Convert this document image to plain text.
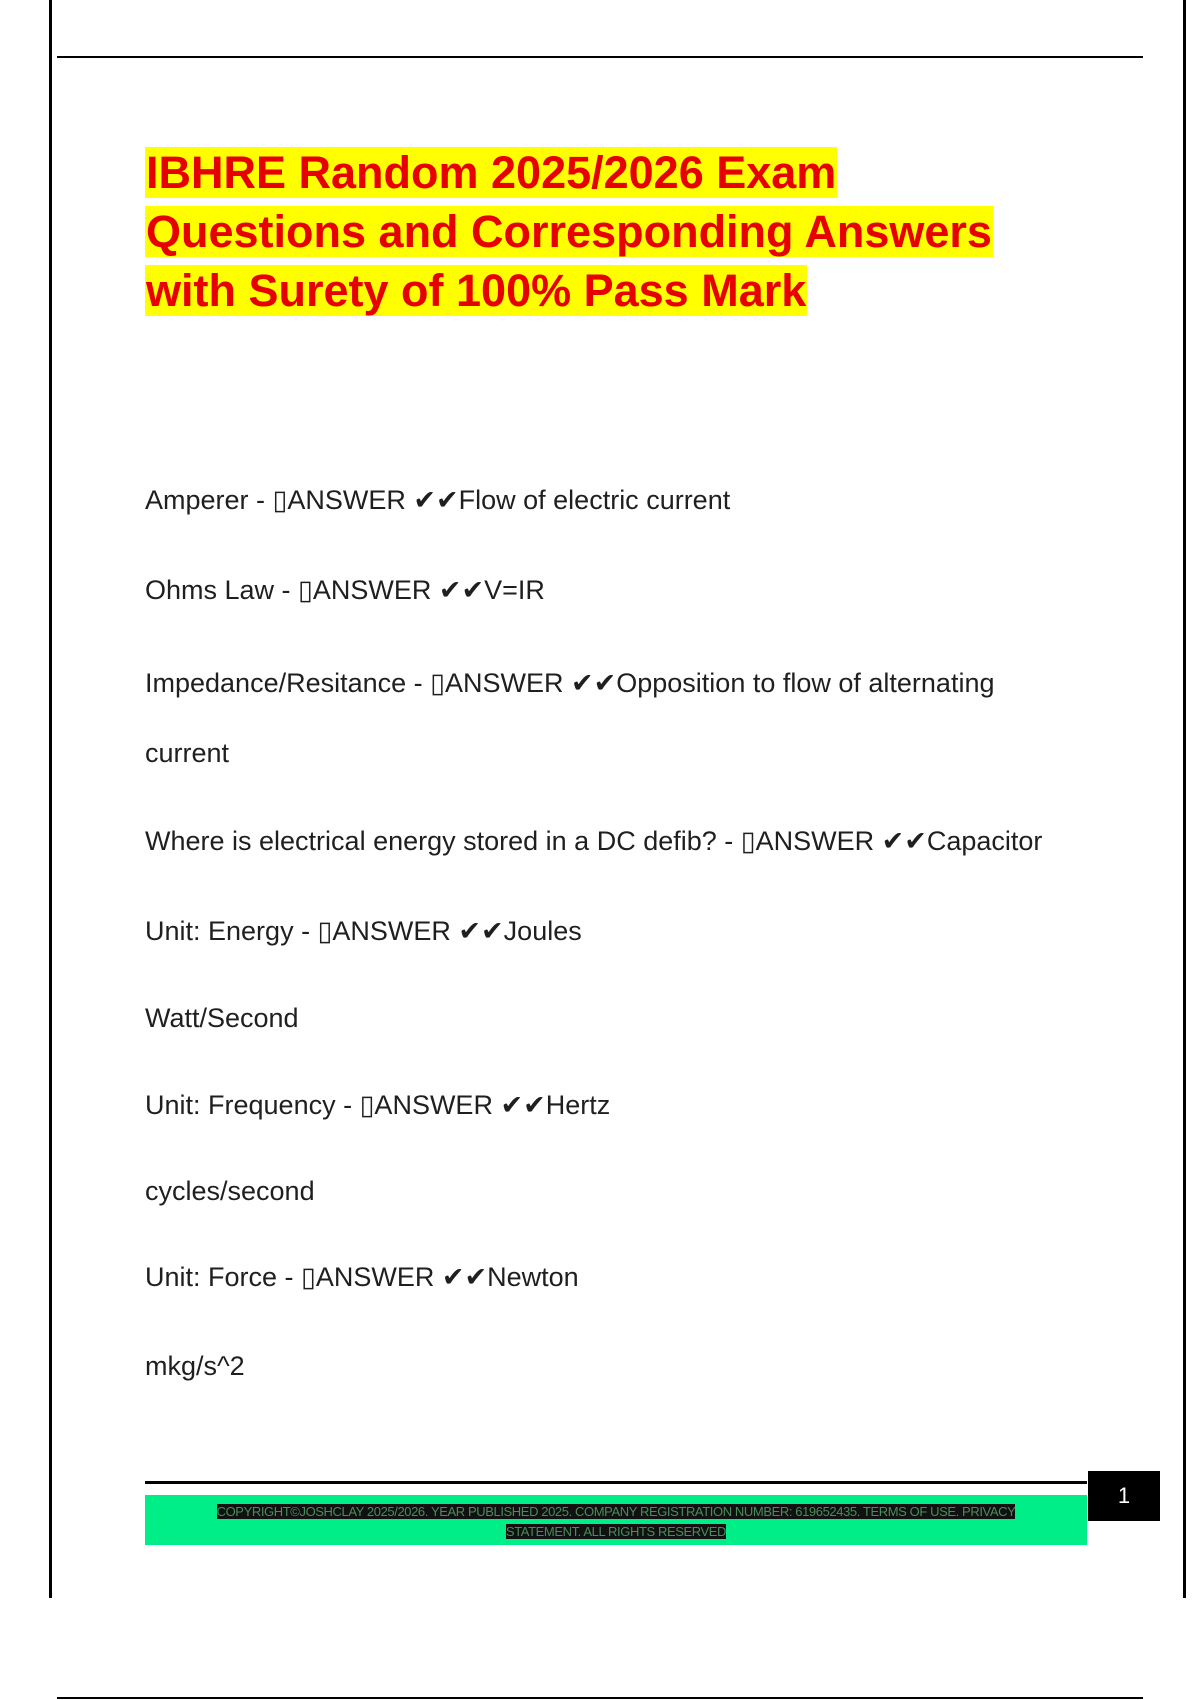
IBHRE Random 2025/2026 Exam
Questions and Corresponding Answers
with Surety of 100% Pass Mark

Amperer - ▯ANSWER ✔✔Flow of electric current

Ohms Law - ▯ANSWER ✔✔V=IR

Impedance/Resitance - ▯ANSWER ✔✔Opposition to flow of alternating

current

Where is electrical energy stored in a DC defib? - ▯ANSWER ✔✔Capacitor

Unit: Energy - ▯ANSWER ✔✔Joules

Watt/Second

Unit: Frequency - ▯ANSWER ✔✔Hertz

cycles/second

Unit: Force - ▯ANSWER ✔✔Newton

mkg/s^2

COPYRIGHT©JOSHCLAY 2025/2026. YEAR PUBLISHED 2025. COMPANY REGISTRATION NUMBER: 619652435. TERMS OF USE. PRIVACY
STATEMENT. ALL RIGHTS RESERVED
1
